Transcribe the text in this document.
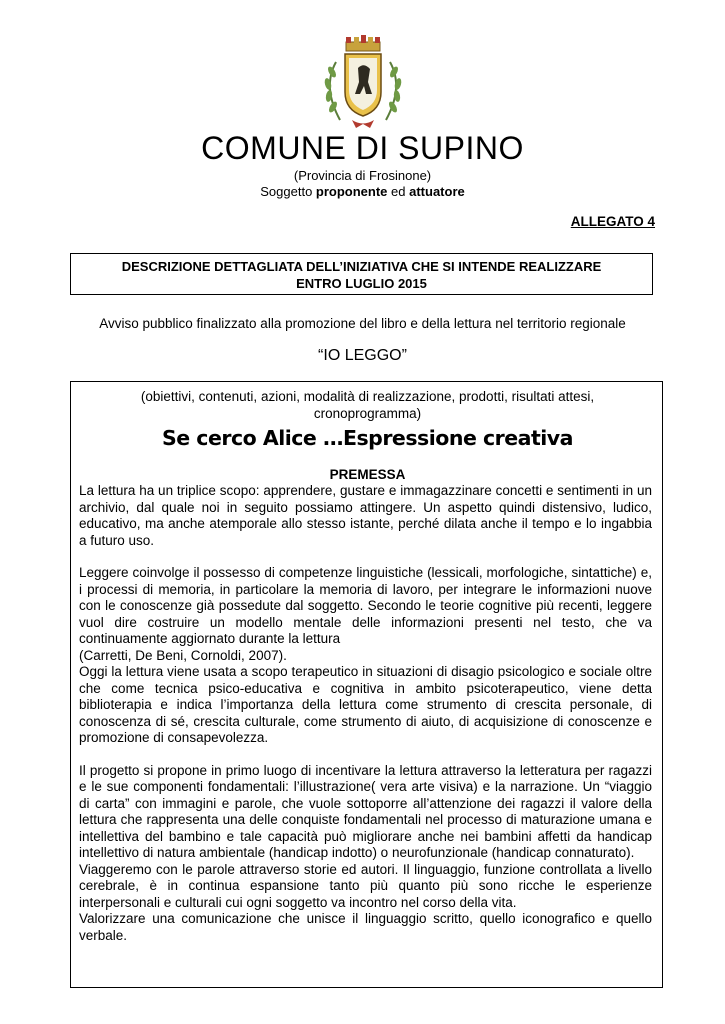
COMUNE DI SUPINO
(Provincia di Frosinone)
Soggetto proponente ed attuatore
ALLEGATO 4
DESCRIZIONE DETTAGLIATA DELL’INIZIATIVA CHE SI INTENDE REALIZZARE
ENTRO LUGLIO 2015
Avviso pubblico finalizzato alla promozione del libro e della lettura nel territorio regionale
“IO LEGGO”
(obiettivi, contenuti, azioni, modalità di realizzazione, prodotti, risultati attesi,
cronoprogramma)
Se cerco Alice …Espressione creativa
PREMESSA

La lettura ha un triplice scopo: apprendere, gustare e immagazzinare concetti e sentimenti in un archivio, dal quale noi in seguito possiamo attingere. Un aspetto quindi distensivo, ludico, educativo, ma anche atemporale allo stesso istante, perché dilata anche il tempo e lo ingabbia a futuro uso.

Leggere coinvolge il possesso di competenze linguistiche (lessicali, morfologiche, sintattiche) e, i processi di memoria, in particolare la memoria di lavoro, per integrare le informazioni nuove con le conoscenze già possedute dal soggetto. Secondo le teorie cognitive più recenti, leggere vuol dire costruire un modello mentale delle informazioni presenti nel testo, che va continuamente aggiornato durante la lettura

(Carretti, De Beni, Cornoldi, 2007).

Oggi la lettura viene usata a scopo terapeutico in situazioni di disagio psicologico e sociale oltre che come tecnica psico-educativa e cognitiva in ambito psicoterapeutico, viene detta biblioterapia e indica l’importanza della lettura come strumento di crescita personale, di conoscenza di sé, crescita culturale, come strumento di aiuto, di acquisizione di conoscenze e promozione di consapevolezza.

Il progetto si propone in primo luogo di incentivare la lettura attraverso la letteratura per ragazzi e le sue componenti fondamentali: l’illustrazione( vera arte visiva) e la narrazione. Un “viaggio di carta” con immagini e parole, che vuole sottoporre all’attenzione dei ragazzi il valore della lettura che rappresenta una delle conquiste fondamentali nel processo di maturazione umana e intellettiva del bambino e tale capacità può migliorare anche nei bambini affetti da handicap intellettivo di natura ambientale (handicap indotto) o neurofunzionale (handicap connaturato).

Viaggeremo con le parole attraverso storie ed autori. Il linguaggio, funzione controllata a livello cerebrale, è in continua espansione tanto più quanto più sono ricche le esperienze interpersonali e culturali cui ogni soggetto va incontro nel corso della vita.

Valorizzare una comunicazione che unisce il linguaggio scritto, quello iconografico e quello verbale.
